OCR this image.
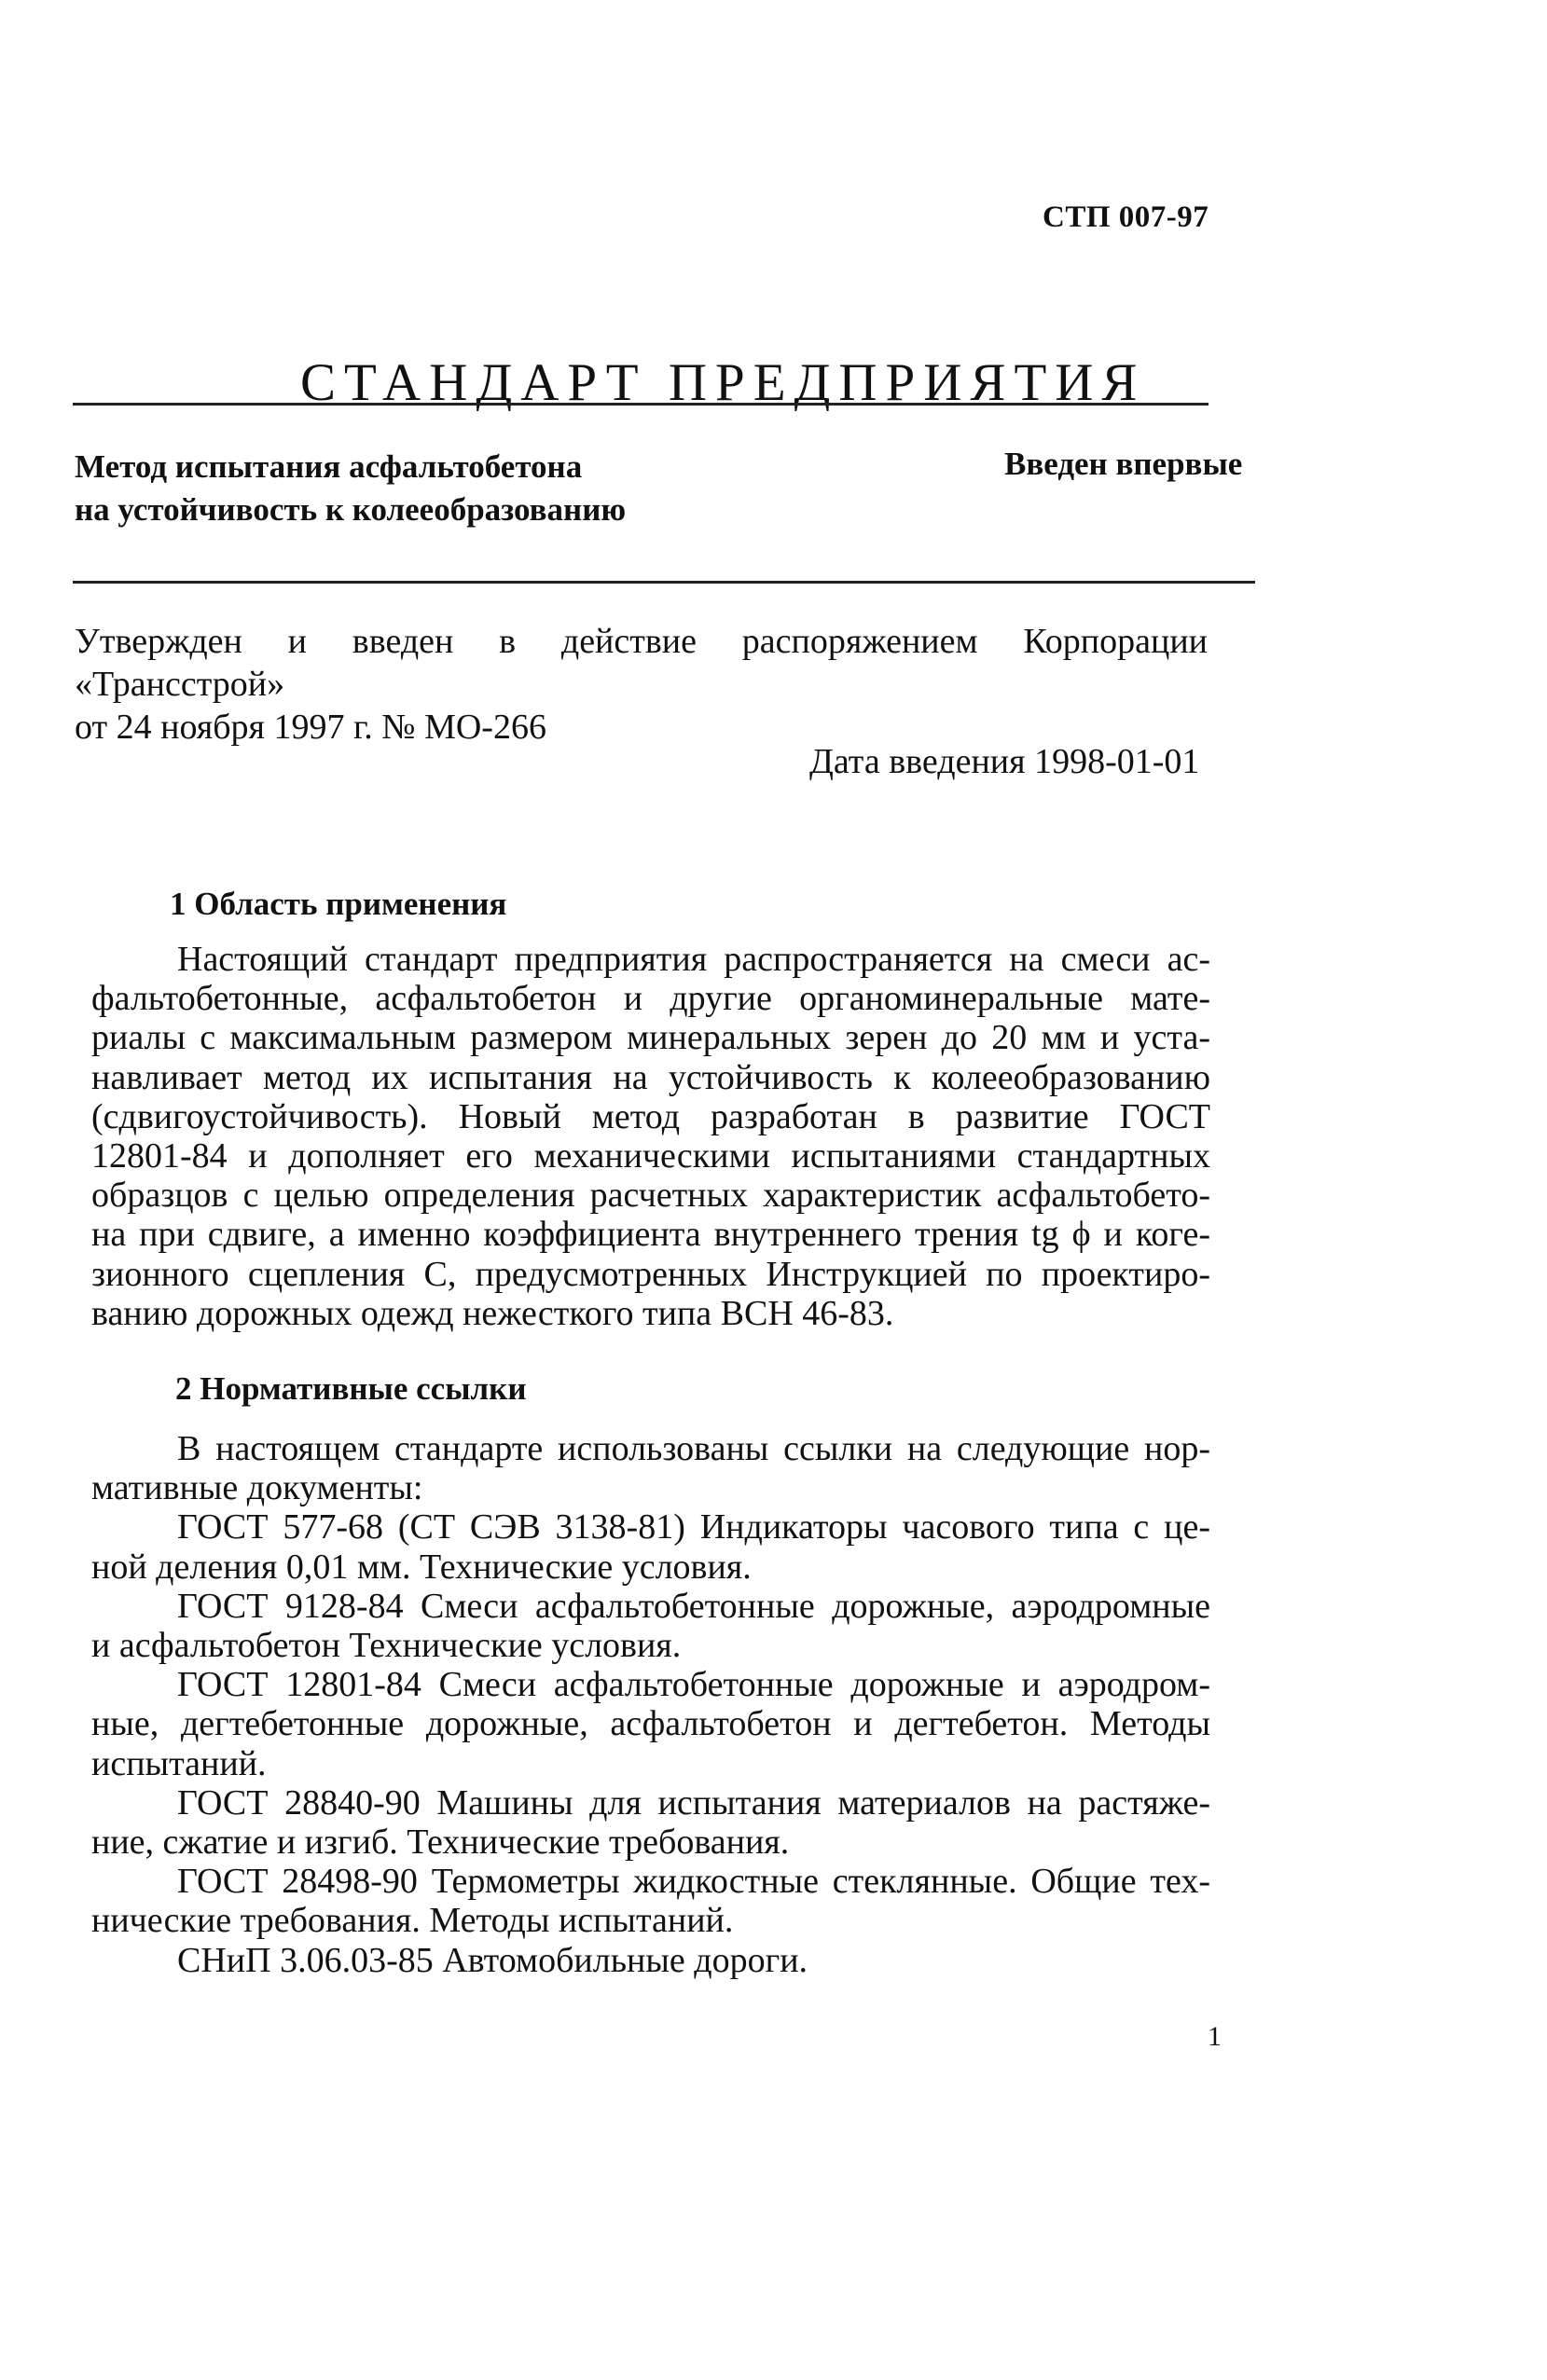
СТП 007-97
СТАНДАРТ ПРЕДПРИЯТИЯ
Метод испытания асфальтобетона
на устойчивость к колееобразованию
Введен впервые
Утвержден и введен в действие распоряжением Корпорации
«Трансстрой»
от 24 ноября 1997 г. № МО-266
Дата введения 1998-01-01
1 Область применения
Настоящий стандарт предприятия распространяется на смеси ас-
фальтобетонные, асфальтобетон и другие органоминеральные мате-
риалы с максимальным размером минеральных зерен до 20 мм и уста-
навливает метод их испытания на устойчивость к колееобразованию
(сдвигоустойчивость). Новый метод разработан в развитие ГОСТ
12801-84 и дополняет его механическими испытаниями стандартных
образцов с целью определения расчетных характеристик асфальтобето-
на при сдвиге, а именно коэффициента внутреннего трения tg ϕ и коге-
зионного сцепления C, предусмотренных Инструкцией по проектиро-
ванию дорожных одежд нежесткого типа ВСН 46-83.
2 Нормативные ссылки
В настоящем стандарте использованы ссылки на следующие нор-
мативные документы:
ГОСТ 577-68 (СТ СЭВ 3138-81) Индикаторы часового типа с це-
ной деления 0,01 мм. Технические условия.
ГОСТ 9128-84 Смеси асфальтобетонные дорожные, аэродромные
и асфальтобетон Технические условия.
ГОСТ 12801-84 Смеси асфальтобетонные дорожные и аэродром-
ные, дегтебетонные дорожные, асфальтобетон и дегтебетон. Методы
испытаний.
ГОСТ 28840-90 Машины для испытания материалов на растяже-
ние, сжатие и изгиб. Технические требования.
ГОСТ 28498-90 Термометры жидкостные стеклянные. Общие тех-
нические требования. Методы испытаний.
СНиП 3.06.03-85 Автомобильные дороги.
1
